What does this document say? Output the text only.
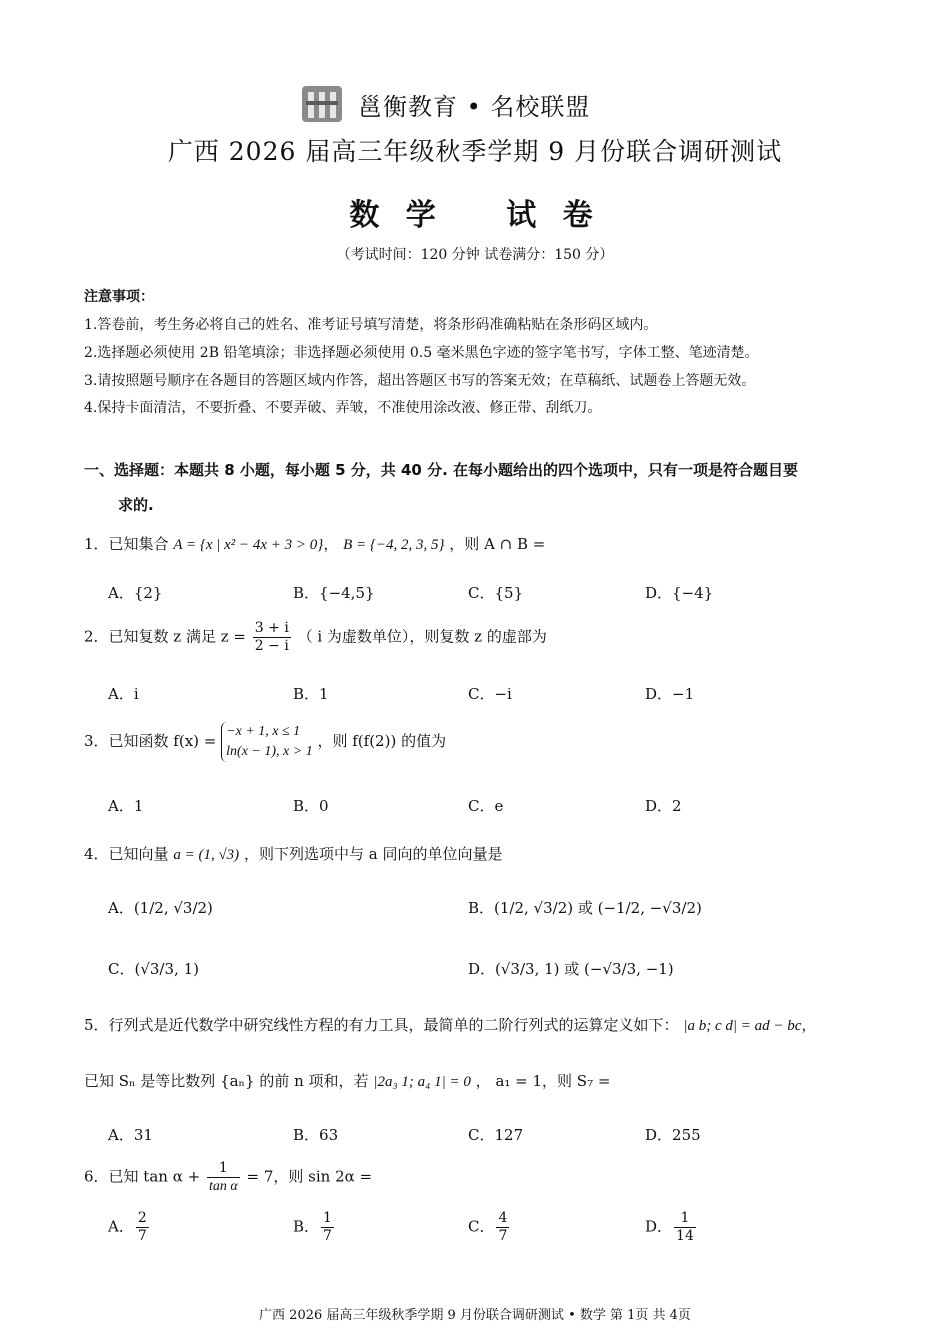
邕衡教育 • 名校联盟
广西 2026 届高三年级秋季学期 9 月份联合调研测试
数 学 试 卷
（考试时间：120 分钟 试卷满分：150 分）
注意事项：
1.答卷前，考生务必将自己的姓名、准考证号填写清楚，将条形码准确粘贴在条形码区域内。
2.选择题必须使用 2B 铅笔填涂；非选择题必须使用 0.5 毫米黑色字迹的签字笔书写，字体工整、笔迹清楚。
3.请按照题号顺序在各题目的答题区域内作答，超出答题区书写的答案无效；在草稿纸、试题卷上答题无效。
4.保持卡面清洁，不要折叠、不要弄破、弄皱，不准使用涂改液、修正带、刮纸刀。
一、选择题：本题共 8 小题，每小题 5 分，共 40 分. 在每小题给出的四个选项中，只有一项是符合题目要
求的.
1．已知集合 A = {x | x² − 4x + 3 > 0}， B = {−4, 2, 3, 5} ，则 A ∩ B =
A．{2}	B．{−4,5}	C．{5}	D．{−4}
2．已知复数 z 满足 $z = \frac{3 + i}{2 - i}$ （ i 为虚数单位），则复数 z 的虚部为
A．i	B．1	C．−i	D．−1
3．已知函数 f(x) =
−x + 1, x ≤ 1
ln(x − 1), x > 1
，则 f(f(2)) 的值为
A．1	B．0	C．e	D．2
4．已知向量 a = (1, √3) ，则下列选项中与 a 同向的单位向量是
A．(1/2, √3/2)	B．(1/2, √3/2) 或 (−1/2, −√3/2)
C．(√3/3, 1)	D．(√3/3, 1) 或 (−√3/3, −1)
5．行列式是近代数学中研究线性方程的有力工具，最简单的二阶行列式的运算定义如下： |a b; c d| = ad − bc，
已知 Sₙ 是等比数列 {aₙ} 的前 n 项和，若 |2a₃ 1; a₄ 1| = 0 ， a₁ = 1，则 S₇ =
A．31	B．63	C．127	D．255
6．已知 $\tan \alpha + \frac{1}{\text{tan α}} = 7$，则 sin 2α =
A． $\frac{2}{7}$	B． $\frac{1}{7}$	C． $\frac{4}{7}$	D． $\frac{1}{14}$
广西 2026 届高三年级秋季学期 9 月份联合调研测试 • 数学 第 1页 共 4页
